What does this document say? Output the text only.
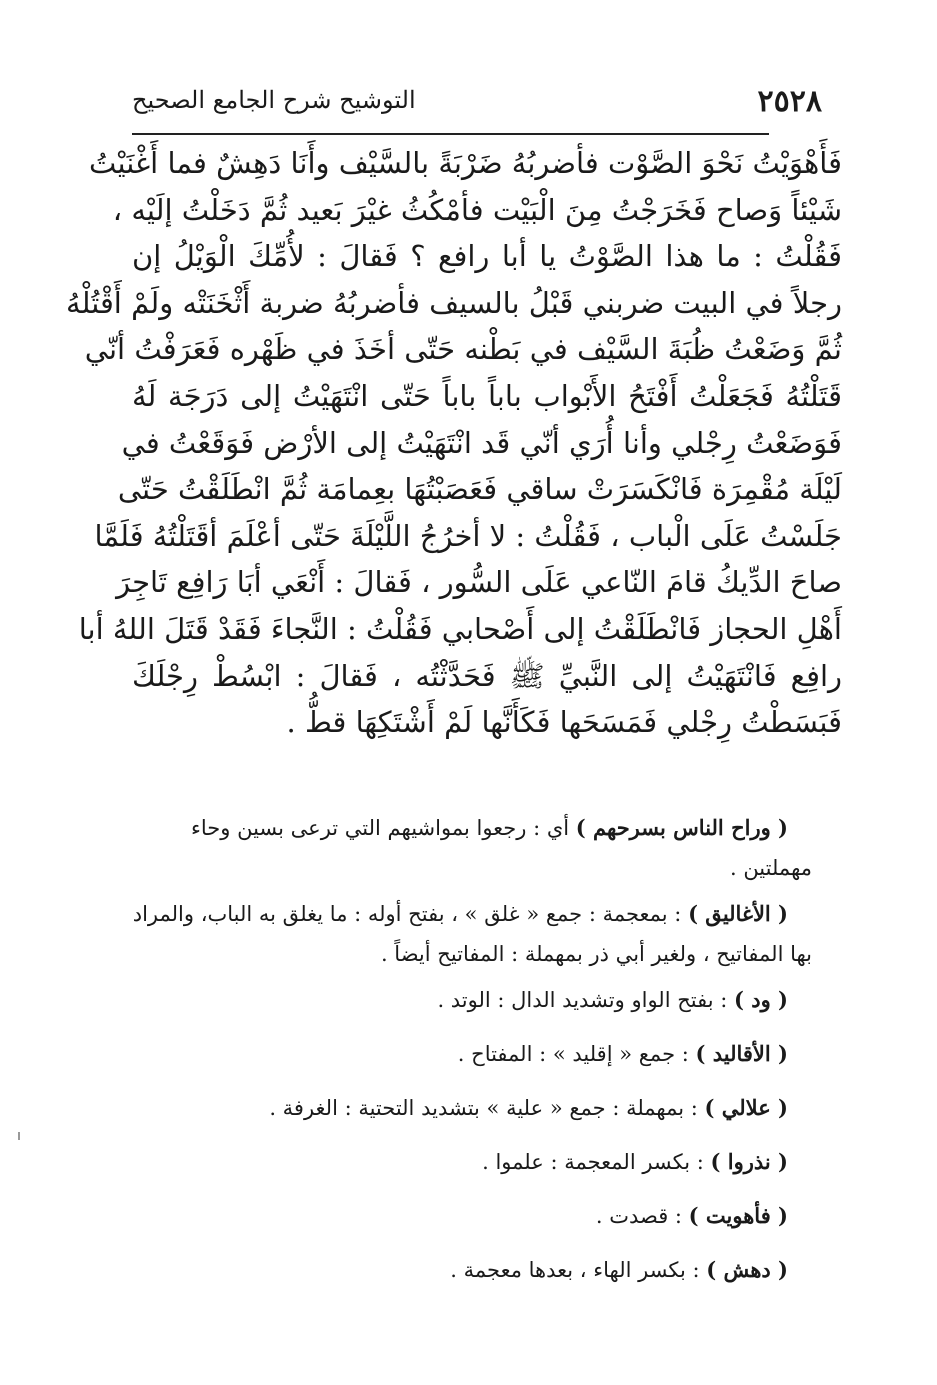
٢٥٢٨
التوشيح شرح الجامع الصحيح
فَأَهْوَيْتُ نَحْوَ الصَّوْت فأضربُهُ ضَرْبَةً بالسَّيْف وأَنَا دَهِشٌ فما أَغْنَيْتُ
شَيْئاً وَصاح فَخَرَجْتُ مِنَ الْبَيْت فأمْكُثُ غيْرَ بَعيد ثُمَّ دَخَلْتُ إلَيْه ،
فَقُلْتُ : ما هذا الصَّوْتُ يا أبا رافع ؟ فَقالَ : لأُمِّكَ الْوَيْلُ إن
رجلاً في البيت ضربني قَبْلُ بالسيف فأضربُهُ ضربة أَثْخَنَتْه ولَمْ أَقْتُلْهُ
ثُمَّ وَضَعْتُ ظُبَةَ السَّيْف في بَطْنه حَتّى أخَذَ في ظَهْره فَعَرَفْتُ أنّي
قَتَلْتُهُ فَجَعَلْتُ أَفْتَحُ الأَبْواب باباً باباً حَتّى انْتَهَيْتُ إلى دَرَجَة لَهُ
فَوَضَعْتُ رِجْلي وأنا أُرَي أنّي قَد انْتَهَيْتُ إلى الأرْض فَوَقَعْتُ في
لَيْلَة مُقْمِرَة فَانْكَسَرَتْ ساقي فَعَصَبْتُهَا بعِمامَة ثُمَّ انْطَلَقْتُ حَتّى
جَلَسْتُ عَلَى الْباب ، فَقُلْتُ : لا أخرُجُ اللَّيْلَةَ حَتّى أعْلَمَ أقَتَلْتُهُ فَلَمَّا
صاحَ الدِّيكُ قامَ النّاعي عَلَى السُّور ، فَقالَ : أَنْعَي أبَا رَافِع تَاجِرَ
أَهْلِ الحجاز فَانْطَلَقْتُ إلى أَصْحابي فَقُلْتُ : النَّجاءَ فَقَدْ قَتَلَ اللهُ أبا
رافِع فَانْتَهَيْتُ إلى النَّبيِّ ﷺ فَحَدَّثْتُه ، فَقالَ : ابْسُطْ رِجْلَكَ
فَبَسَطْتُ رِجْلي فَمَسَحَها فَكَأَنَّها لَمْ أَشْتَكِهَا قطُّ .

( وراح الناس بسرحهم ) أي : رجعوا بمواشيهم التي ترعى بسين وحاء مهملتين .

( الأغاليق ) : بمعجمة : جمع « غلق » ، بفتح أوله : ما يغلق به الباب، والمراد بها المفاتيح ، ولغير أبي ذر بمهملة : المفاتيح أيضاً .

( ود ) : بفتح الواو وتشديد الدال : الوتد .

( الأقاليد ) : جمع « إقليد » : المفتاح .

( علالي ) : بمهملة : جمع « علية » بتشديد التحتية : الغرفة .

( نذروا ) : بكسر المعجمة : علموا .

( فأهويت ) : قصدت .

( دهش ) : بكسر الهاء ، بعدها معجمة .
